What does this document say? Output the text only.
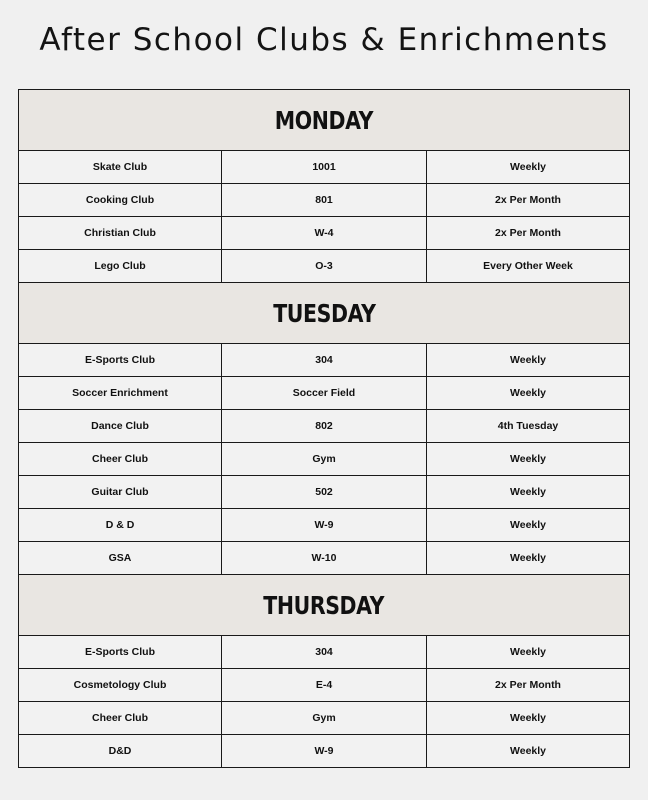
After School Clubs & Enrichments
MONDAY		
Skate Club	1001	Weekly
Cooking Club	801	2x Per Month
Christian Club	W-4	2x Per Month
Lego Club	O-3	Every Other Week
TUESDAY		
E-Sports Club	304	Weekly
Soccer Enrichment	Soccer Field	Weekly
Dance Club	802	4th Tuesday
Cheer Club	Gym	Weekly
Guitar Club	502	Weekly
D & D	W-9	Weekly
GSA	W-10	Weekly
THURSDAY		
E-Sports Club	304	Weekly
Cosmetology Club	E-4	2x Per Month
Cheer Club	Gym	Weekly
D&D	W-9	Weekly
